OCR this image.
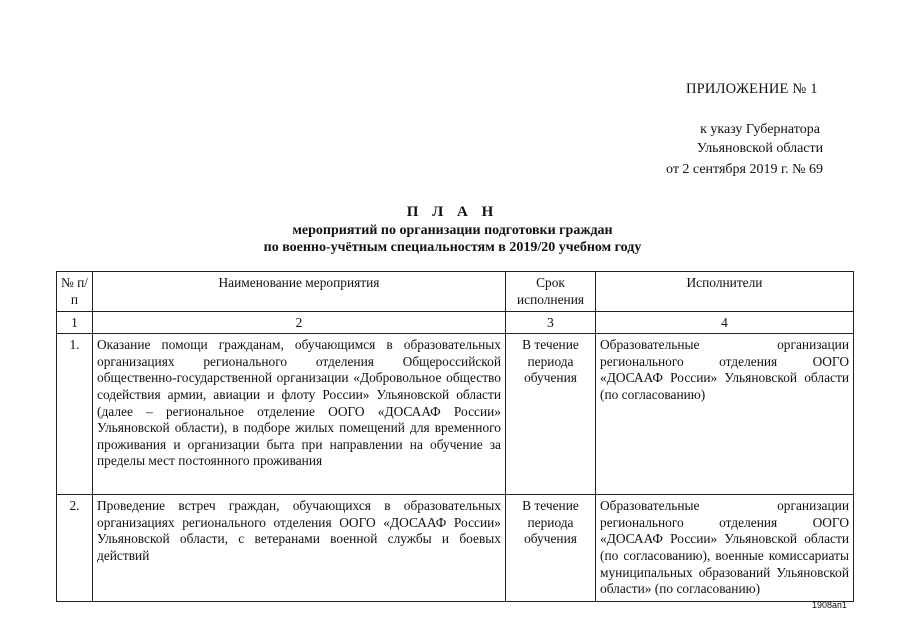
ПРИЛОЖЕНИЕ № 1
к указу Губернатора
Ульяновской области
от 2 сентября 2019 г. № 69
П Л А Н
мероприятий по организации подготовки граждан
по военно-учётным специальностям в 2019/20 учебном году
№ п/п	Наименование мероприятия	Срок исполнения	Исполнители
1	2	3	4
1.	Оказание помощи гражданам, обучающимся в образовательных организациях регионального отделения Общероссийской общественно-государственной организации «Добровольное общество содействия армии, авиации и флоту России» Ульяновской области (далее – региональное отделение ООГО «ДОСААФ России» Ульяновской области), в подборе жилых помещений для временного проживания и организации быта при направлении на обучение за пределы мест постоянного проживания	В течение периода обучения	Образовательные организации регионального отделения ООГО «ДОСААФ России» Ульяновской области (по согласованию)
2.	Проведение встреч граждан, обучающихся в образовательных организациях регионального отделения ООГО «ДОСААФ России» Ульяновской области, с ветеранами военной службы и боевых действий	В течение периода обучения	Образовательные организации регионального отделения ООГО «ДОСААФ России» Ульяновской области (по согласованию), военные комиссариаты муниципальных образований Ульяновской области» (по согласованию)
1908ап1
